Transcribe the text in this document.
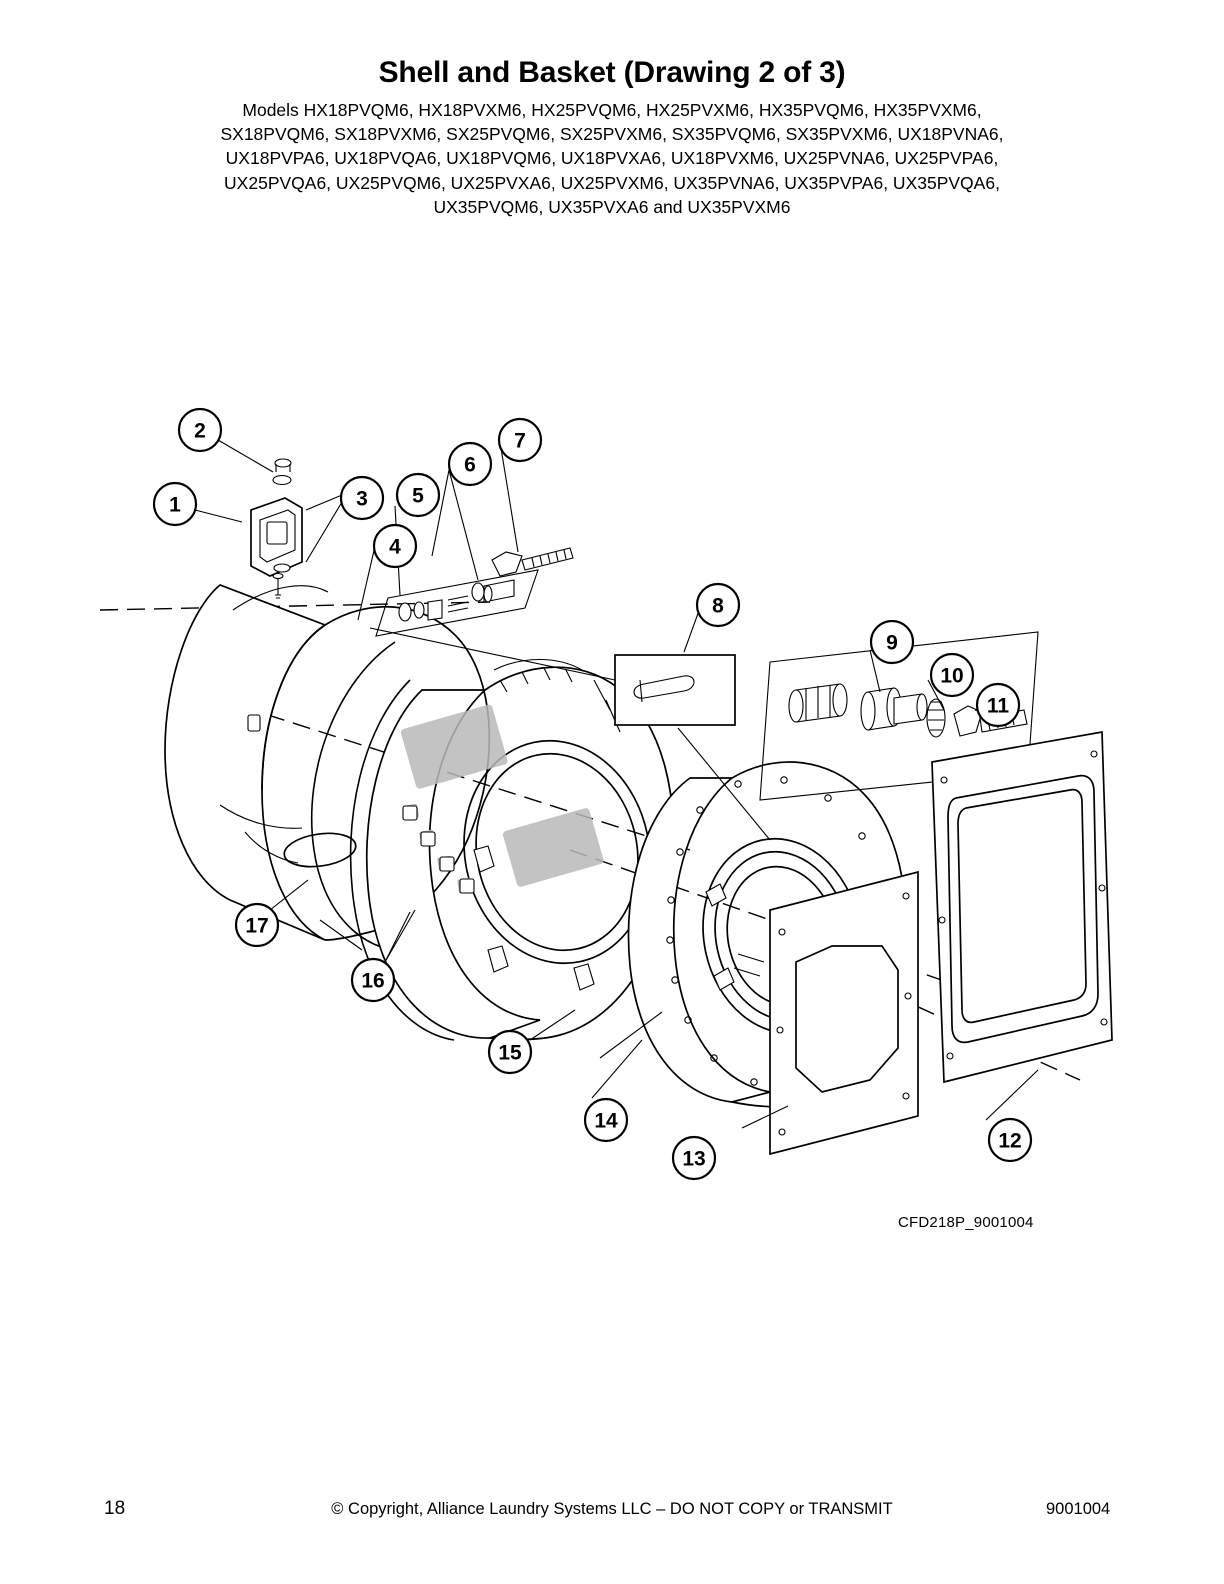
Shell and Basket (Drawing 2 of 3)
Models HX18PVQM6, HX18PVXM6, HX25PVQM6, HX25PVXM6, HX35PVQM6, HX35PVXM6,
SX18PVQM6, SX18PVXM6, SX25PVQM6, SX25PVXM6, SX35PVQM6, SX35PVXM6, UX18PVNA6,
UX18PVPA6, UX18PVQA6, UX18PVQM6, UX18PVXA6, UX18PVXM6, UX25PVNA6, UX25PVPA6,
UX25PVQA6, UX25PVQM6, UX25PVXA6, UX25PVXM6, UX35PVNA6, UX35PVPA6, UX35PVQA6,
UX35PVQM6, UX35PVXA6 and UX35PVXM6
1
2
3
4
5
6
7
8
9
10
11
12
13
14
15
16
17
CFD218P_9001004
18	© Copyright, Alliance Laundry Systems LLC – DO NOT COPY or TRANSMIT	9001004
